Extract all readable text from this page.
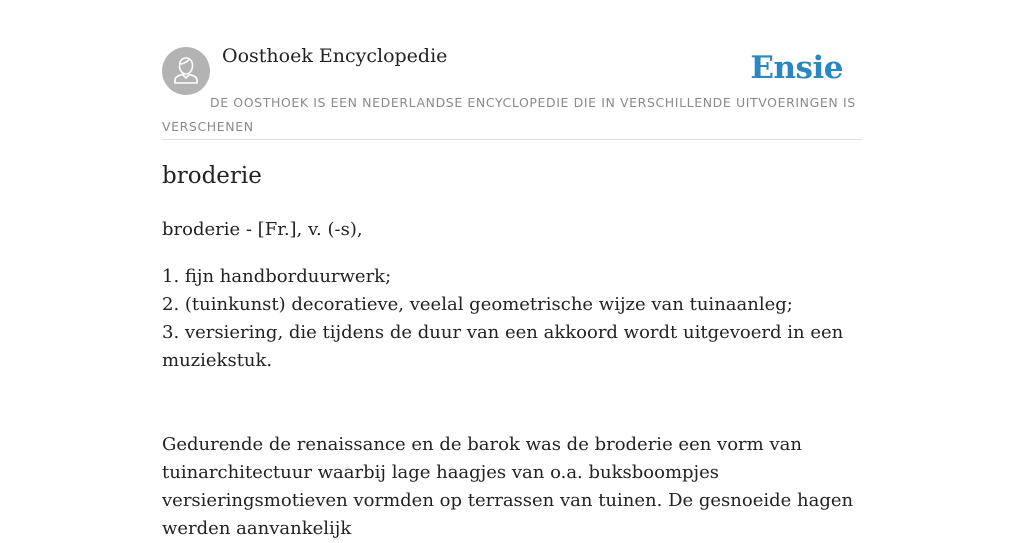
Oosthoek Encyclopedie	Ensie
DE OOSTHOEK IS EEN NEDERLANDSE ENCYCLOPEDIE DIE IN VERSCHILLENDE UITVOERINGEN IS VERSCHENEN
broderie

broderie - [Fr.], v. (-s),

1. fijn handborduurwerk;
2. (tuinkunst) decoratieve, veelal geometrische wijze van tuinaanleg;
3. versiering, die tijdens de duur van een akkoord wordt uitgevoerd in een muziekstuk.

Gedurende de renaissance en de barok was de broderie een vorm van tuinarchitectuur waarbij lage haagjes van o.a. buksboompjes versieringsmotieven vormden op terrassen van tuinen. De gesnoeide hagen werden aanvankelijk
